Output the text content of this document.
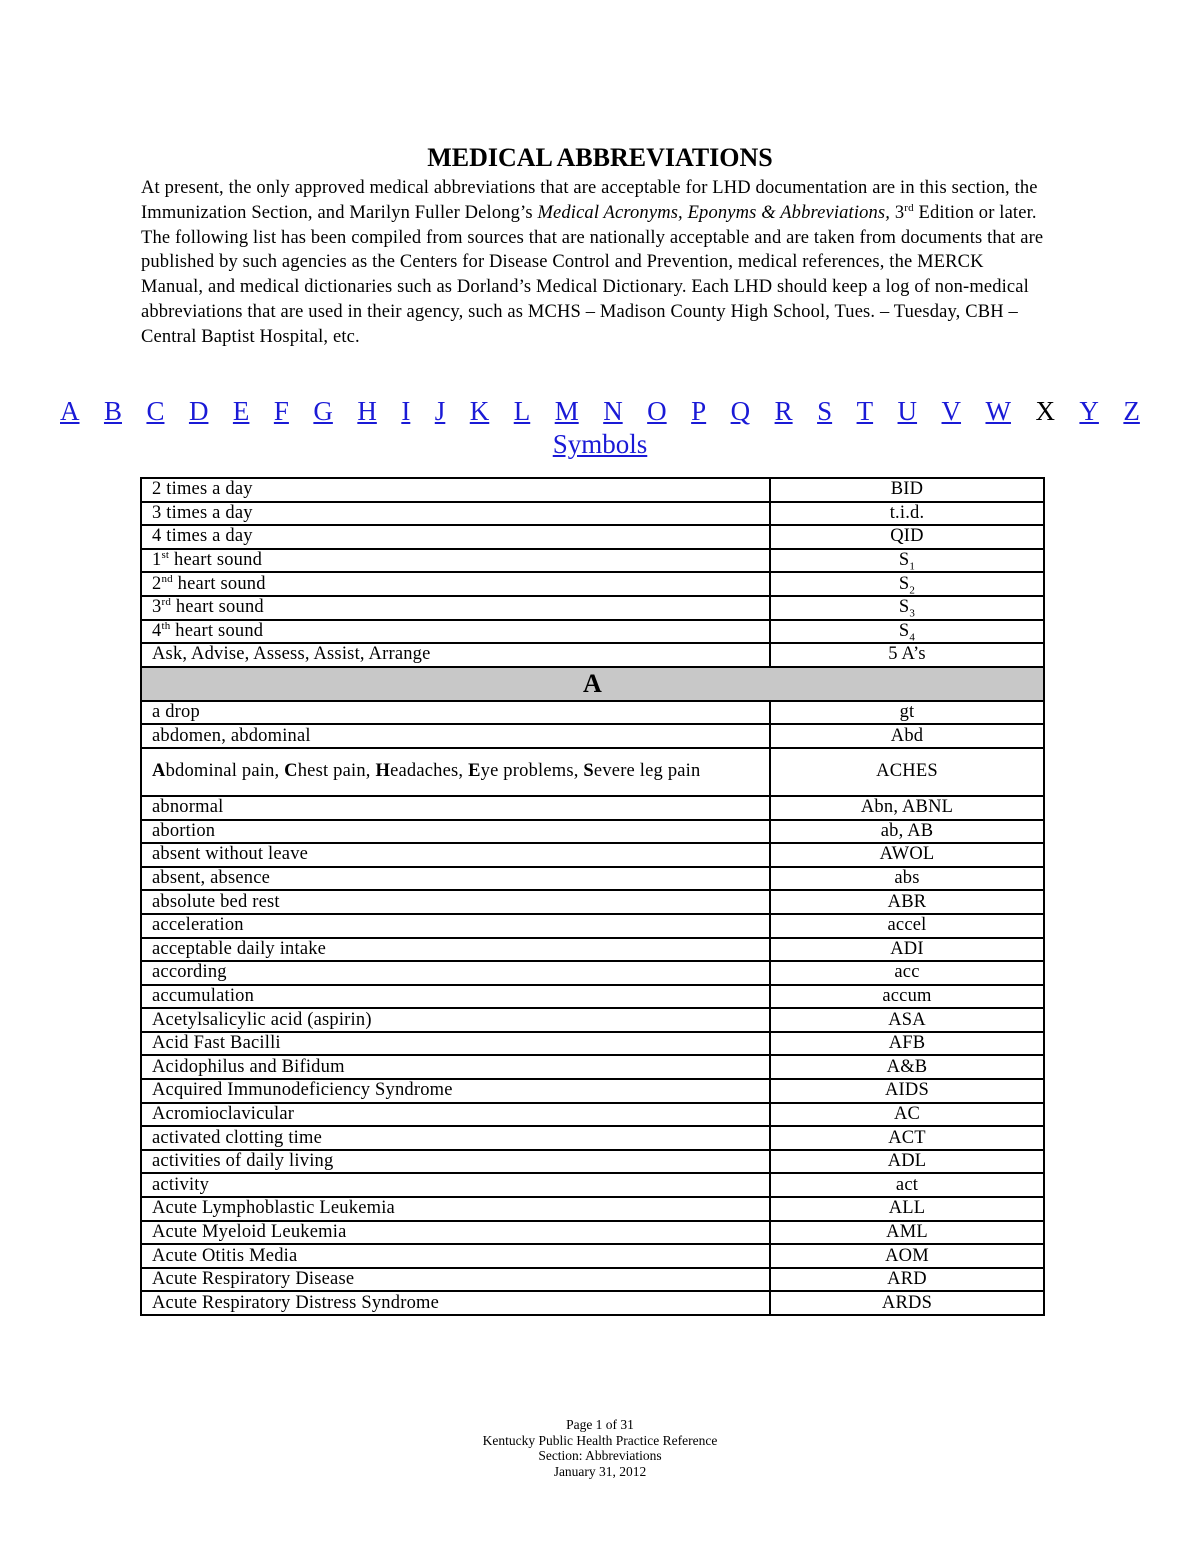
MEDICAL ABBREVIATIONS
At present, the only approved medical abbreviations that are acceptable for LHD documentation are in this section, the Immunization Section, and Marilyn Fuller Delong’s Medical Acronyms, Eponyms & Abbreviations, 3rd Edition or later. The following list has been compiled from sources that are nationally acceptable and are taken from documents that are published by such agencies as the Centers for Disease Control and Prevention, medical references, the MERCK Manual, and medical dictionaries such as Dorland’s Medical Dictionary. Each LHD should keep a log of non-medical abbreviations that are used in their agency, such as MCHS – Madison County High School, Tues. – Tuesday, CBH – Central Baptist Hospital, etc.
A B C D E F G H I J K L M N O P Q R S T U V W X Y Z
Symbols
2 times a day	BID
3 times a day	t.i.d.
4 times a day	QID
1st heart sound	$S_1$
2nd heart sound	$S_2$
3rd heart sound	$S_3$
4th heart sound	$S_4$
Ask, Advise, Assess, Assist, Arrange	5 A’s
A	
a drop	gt
abdomen, abdominal	Abd
Abdominal pain, Chest pain, Headaches, Eye problems, Severe leg pain	ACHES
abnormal	Abn, ABNL
abortion	ab, AB
absent without leave	AWOL
absent, absence	abs
absolute bed rest	ABR
acceleration	accel
acceptable daily intake	ADI
according	acc
accumulation	accum
Acetylsalicylic acid (aspirin)	ASA
Acid Fast Bacilli	AFB
Acidophilus and Bifidum	A&B
Acquired Immunodeficiency Syndrome	AIDS
Acromioclavicular	AC
activated clotting time	ACT
activities of daily living	ADL
activity	act
Acute Lymphoblastic Leukemia	ALL
Acute Myeloid Leukemia	AML
Acute Otitis Media	AOM
Acute Respiratory Disease	ARD
Acute Respiratory Distress Syndrome	ARDS
Page 1 of 31
Kentucky Public Health Practice Reference
Section: Abbreviations
January 31, 2012
